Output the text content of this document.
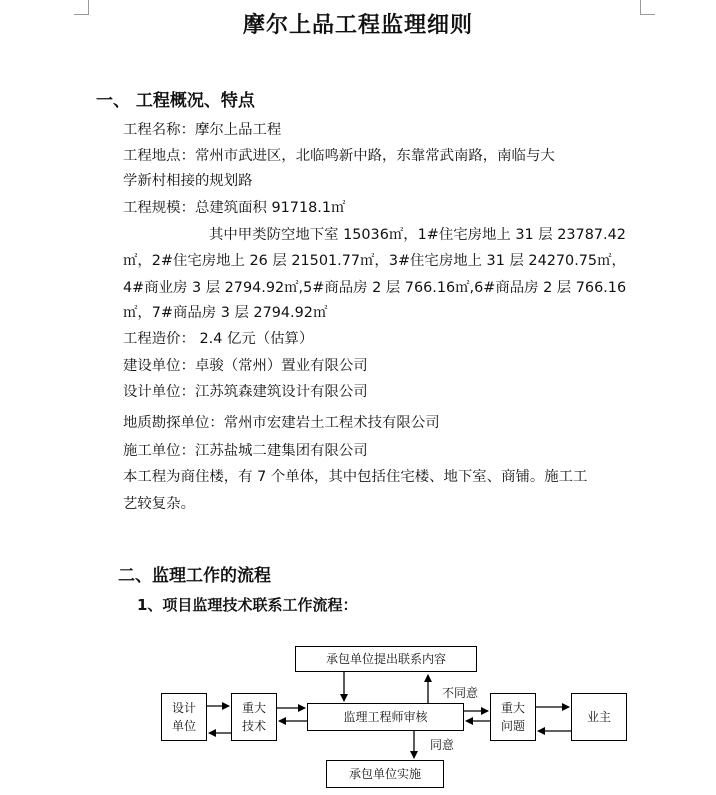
摩尔上品工程监理细则
一、 工程概况、特点
工程名称：摩尔上品工程
工程地点：常州市武进区，北临鸣新中路，东靠常武南路，南临与大
学新村相接的规划路
工程规模：总建筑面积 91718.1㎡
其中甲类防空地下室 15036㎡，1#住宅房地上 31 层 23787.42
㎡，2#住宅房地上 26 层 21501.77㎡，3#住宅房地上 31 层 24270.75㎡，
4#商业房 3 层 2794.92㎡,5#商品房 2 层 766.16㎡,6#商品房 2 层 766.16
㎡，7#商品房 3 层 2794.92㎡
工程造价： 2.4 亿元（估算）
建设单位：卓骏（常州）置业有限公司
设计单位：江苏筑森建筑设计有限公司
地质勘探单位：常州市宏建岩土工程术技有限公司
施工单位：江苏盐城二建集团有限公司
本工程为商住楼，有 7 个单体，其中包括住宅楼、地下室、商铺。施工工
艺较复杂。
二、监理工作的流程
1、项目监理技术联系工作流程：
承包单位提出联系内容
设计单位
重大技术
监理工程师审核
重大问题
业主
承包单位实施
不同意
同意
